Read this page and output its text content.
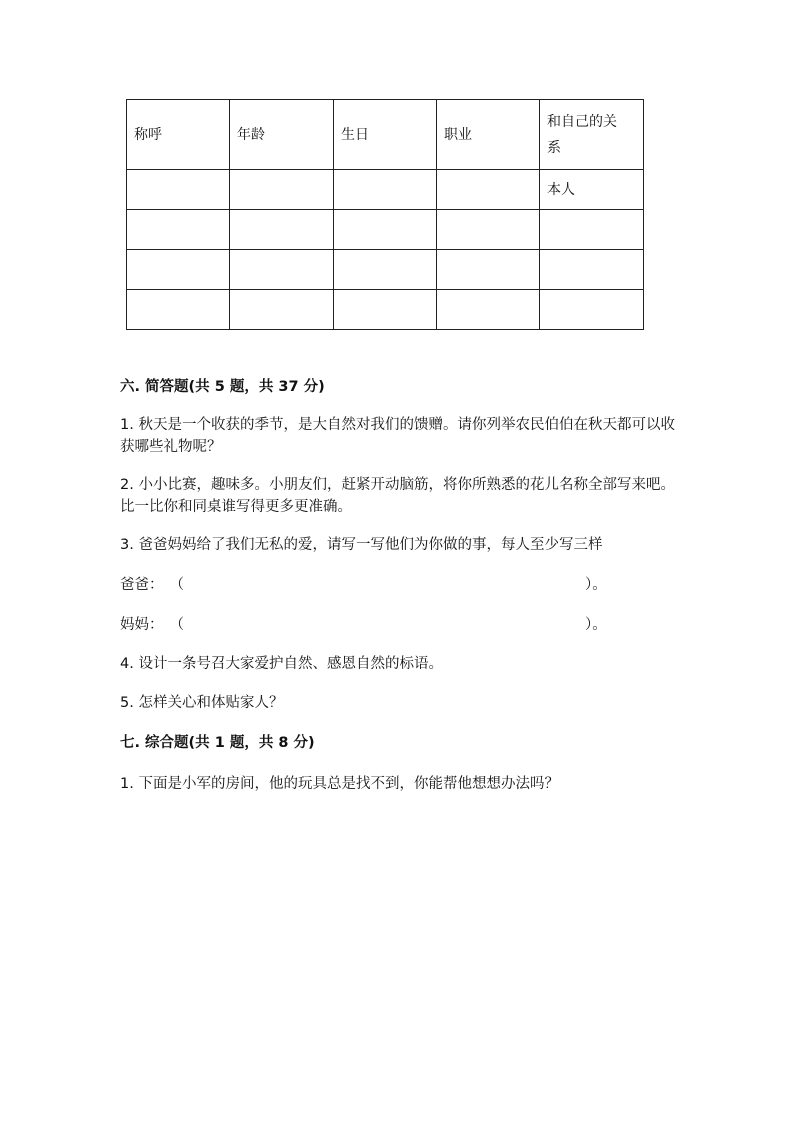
称呼	年龄	生日	职业	和自己的关系
				本人

六. 简答题(共 5 题，共 37 分)

1. 秋天是一个收获的季节，是大自然对我们的馈赠。请你列举农民伯伯在秋天都可以收获哪些礼物呢？

2. 小小比赛，趣味多。小朋友们，赶紧开动脑筋，将你所熟悉的花儿名称全部写来吧。比一比你和同桌谁写得更多更准确。

3. 爸爸妈妈给了我们无私的爱，请写一写他们为你做的事，每人至少写三样

爸爸： （	）。
妈妈： （	）。

4. 设计一条号召大家爱护自然、感恩自然的标语。

5. 怎样关心和体贴家人？

七. 综合题(共 1 题，共 8 分)

1. 下面是小军的房间，他的玩具总是找不到，你能帮他想想办法吗？
